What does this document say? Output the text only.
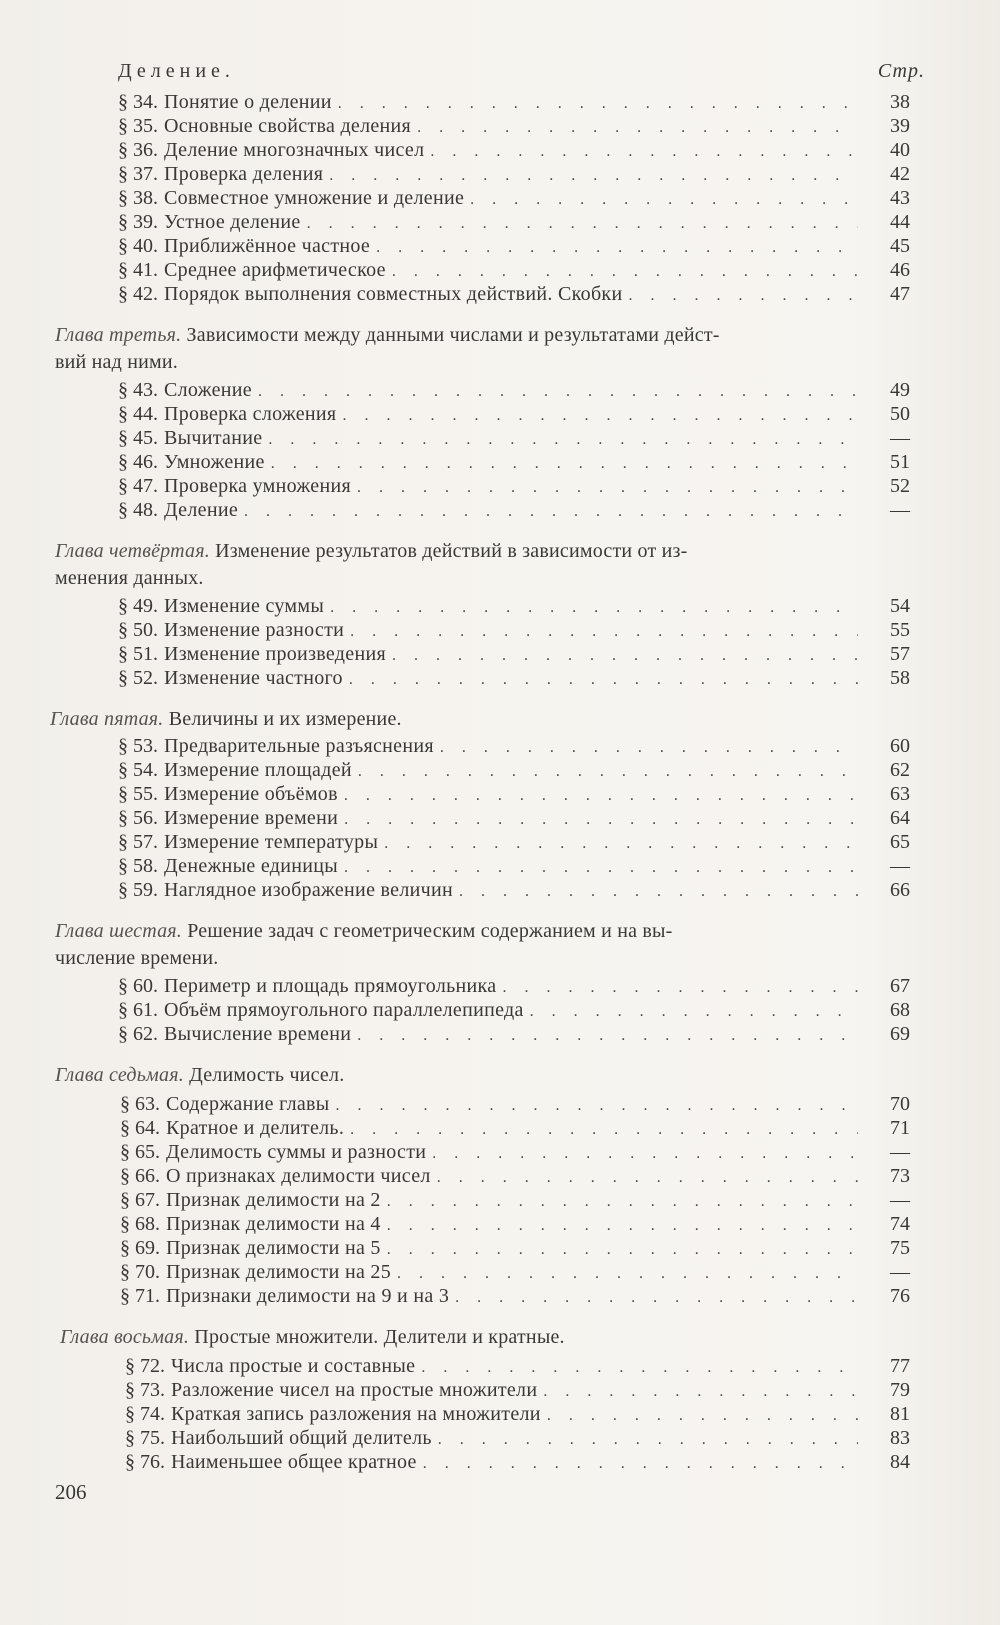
Деление.	Стр.
§ 34. Понятие о делении . . .	38
§ 35. Основные свойства деления . . .	39
§ 36. Деление многозначных чисел . . .	40
§ 37. Проверка деления . . .	42
§ 38. Совместное умножение и деление . . .	43
§ 39. Устное деление . . .	44
§ 40. Приближённое частное . . .	45
§ 41. Среднее арифметическое . . .	46
§ 42. Порядок выполнения совместных действий. Скобки . . .	47
Глава третья. Зависимости между данными числами и результатами дейст-
вий над ними.
§ 43. Сложение . . .	49
§ 44. Проверка сложения . . .	50
§ 45. Вычитание . . .	—
§ 46. Умножение . . .	51
§ 47. Проверка умножения . . .	52
§ 48. Деление . . .	—
Глава четвёртая. Изменение результатов действий в зависимости от из-
менения данных.
§ 49. Изменение суммы . . .	54
§ 50. Изменение разности . . .	55
§ 51. Изменение произведения . . .	57
§ 52. Изменение частного . . .	58
Глава пятая. Величины и их измерение.
§ 53. Предварительные разъяснения . . .	60
§ 54. Измерение площадей . . .	62
§ 55. Измерение объёмов . . .	63
§ 56. Измерение времени . . .	64
§ 57. Измерение температуры . . .	65
§ 58. Денежные единицы . . .	—
§ 59. Наглядное изображение величин . . .	66
Глава шестая. Решение задач с геометрическим содержанием и на вы-
числение времени.
§ 60. Периметр и площадь прямоугольника . . .	67
§ 61. Объём прямоугольного параллелепипеда . . .	68
§ 62. Вычисление времени . . .	69
Глава седьмая. Делимость чисел.
§ 63. Содержание главы . . .	70
§ 64. Кратное и делитель. . . .	71
§ 65. Делимость суммы и разности . . .	—
§ 66. О признаках делимости чисел . . .	73
§ 67. Признак делимости на 2 . . .	—
§ 68. Признак делимости на 4 . . .	74
§ 69. Признак делимости на 5 . . .	75
§ 70. Признак делимости на 25 . . .	—
§ 71. Признаки делимости на 9 и на 3 . . .	76
Глава восьмая. Простые множители. Делители и кратные.
§ 72. Числа простые и составные . . .	77
§ 73. Разложение чисел на простые множители . . .	79
§ 74. Краткая запись разложения на множители . . .	81
§ 75. Наибольший общий делитель . . .	83
§ 76. Наименьшее общее кратное . . .	84
206
